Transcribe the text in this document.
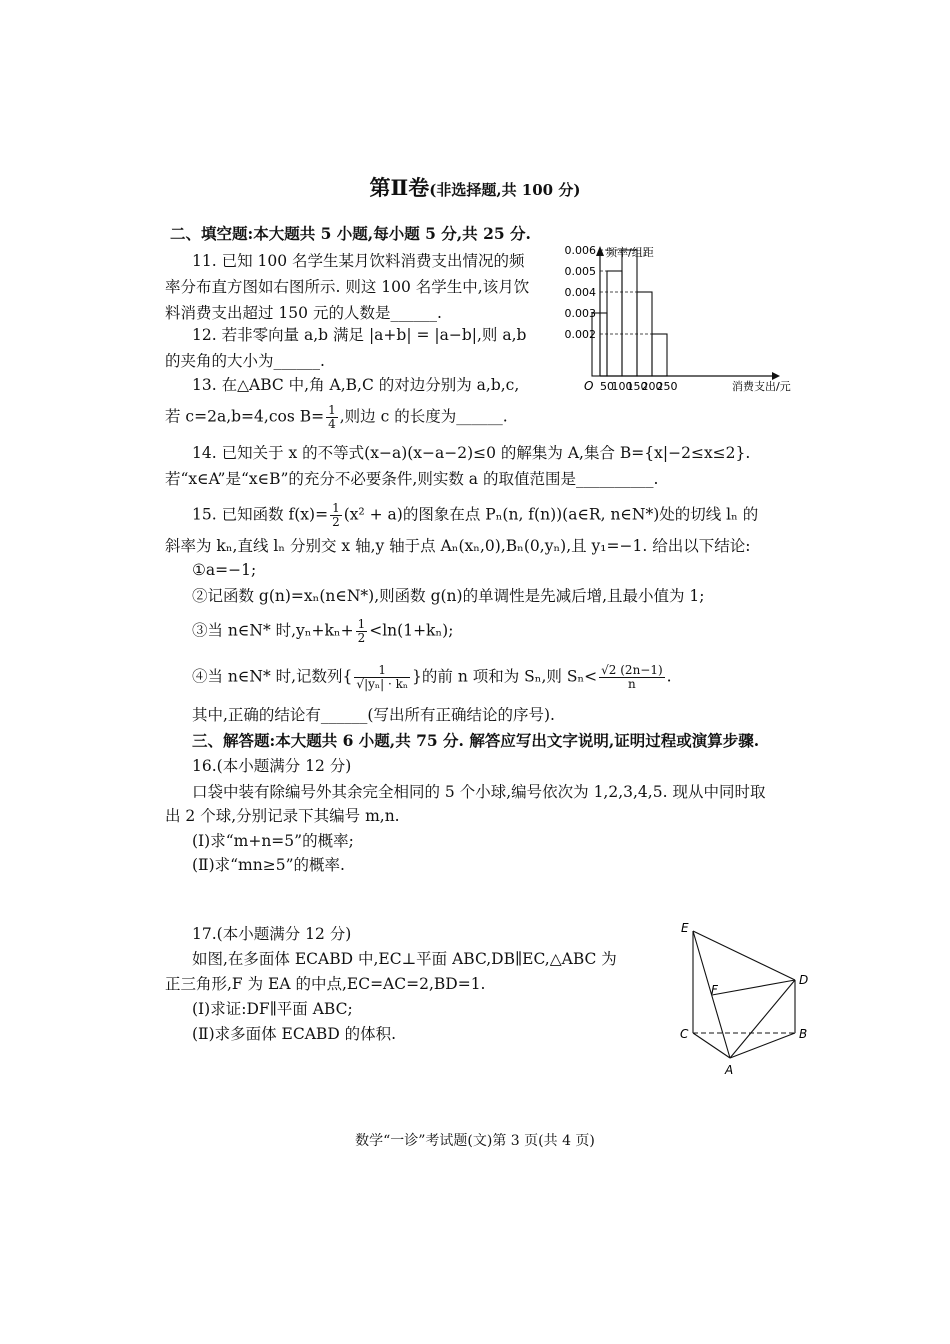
第Ⅱ卷(非选择题,共 100 分)
二、填空题:本大题共 5 小题,每小题 5 分,共 25 分.
11. 已知 100 名学生某月饮料消费支出情况的频
率分布直方图如右图所示. 则这 100 名学生中,该月饮
料消费支出超过 150 元的人数是______.
12. 若非零向量 a,b 满足 |a+b| = |a−b|,则 a,b
的夹角的大小为______.
13. 在△ABC 中,角 A,B,C 的对边分别为 a,b,c,
若 c=2a,b=4,cos $B= \frac{1}{4}$ ,则边 c 的长度为______.
14. 已知关于 x 的不等式(x−a)(x−a−2)≤0 的解集为 A,集合 B={x|−2≤x≤2}.
若“x∈A”是“x∈B”的充分不必要条件,则实数 a 的取值范围是__________.
15. 已知函数 $f(x)= \frac{1}{2} (x^2 + a)$的图象在点 Pₙ(n, f(n))(a∈R, n∈N*)处的切线 lₙ 的
斜率为 kₙ,直线 lₙ 分别交 x 轴,y 轴于点 Aₙ(xₙ,0),Bₙ(0,yₙ),且 y₁=−1. 给出以下结论:
①a=−1;
②记函数 g(n)=xₙ(n∈N*),则函数 g(n)的单调性是先减后增,且最小值为 1;
③当 n∈N* 时$,y_n+k_n+ \frac{1}{2} <\ln(1+k_n)$;
④当 n∈N* 时,记数列{ $\frac{1}{\text{√|yₙ| · kₙ}}$ }的前 n 项和为 Sₙ,则 $S_n< \frac{√2 (2n-1)}{n}$ .
其中,正确的结论有______(写出所有正确结论的序号).
三、解答题:本大题共 6 小题,共 75 分. 解答应写出文字说明,证明过程或演算步骤.
16.(本小题满分 12 分)
口袋中装有除编号外其余完全相同的 5 个小球,编号依次为 1,2,3,4,5. 现从中同时取
出 2 个球,分别记录下其编号 m,n.
(Ⅰ)求“m+n=5”的概率;
(Ⅱ)求“mn≥5”的概率.
17.(本小题满分 12 分)
如图,在多面体 ECABD 中,EC⊥平面 ABC,DB∥EC,△ABC 为
正三角形,F 为 EA 的中点,EC=AC=2,BD=1.
(Ⅰ)求证:DF∥平面 ABC;
(Ⅱ)求多面体 ECABD 的体积.
频率/组距
消费支出/元
O
0.006
0.005
0.004
0.003
0.002
50
100
150
200
250
E
F
D
C	B
A
数学“一诊”考试题(文)第 3 页(共 4 页)
